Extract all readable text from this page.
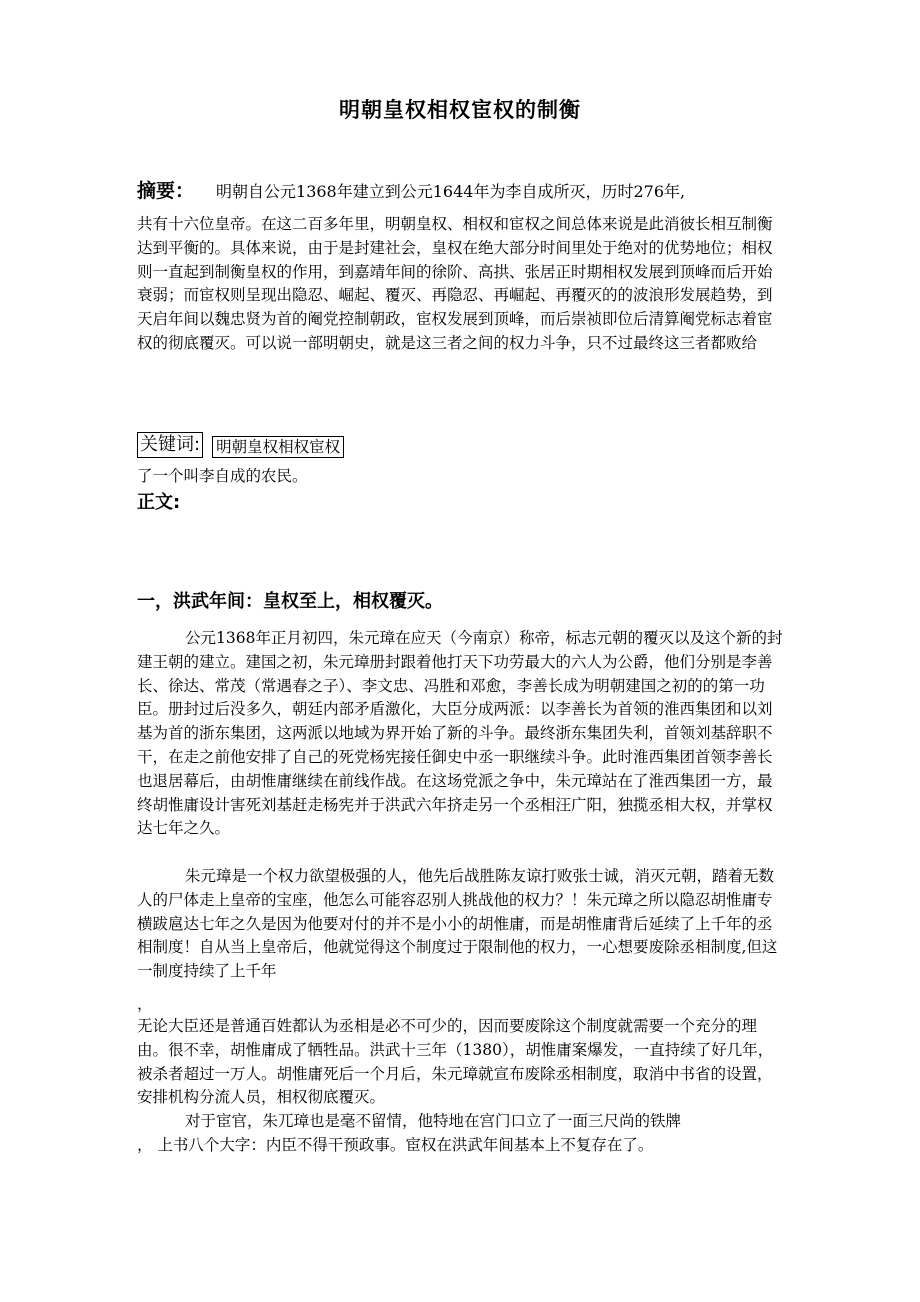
明朝皇权相权宦权的制衡
摘要： 明朝自公元1368年建立到公元1644年为李自成所灭，历时276年,

共有十六位皇帝。在这二百多年里，明朝皇权、相权和宦权之间总体来说是此消彼长相互制衡达到平衡的。具体来说，由于是封建社会，皇权在绝大部分时间里处于绝对的优势地位；相权则一直起到制衡皇权的作用，到嘉靖年间的徐阶、高拱、张居正时期相权发展到顶峰而后开始衰弱；而宦权则呈现出隐忍、崛起、覆灭、再隐忍、再崛起、再覆灭的的波浪形发展趋势，到天启年间以魏忠贤为首的阉党控制朝政，宦权发展到顶峰，而后崇祯即位后清算阉党标志着宦权的彻底覆灭。可以说一部明朝史，就是这三者之间的权力斗争，只不过最终这三者都败给

关键词: 明朝皇权相权宦权
了一个叫李自成的农民。
正文:
一，洪武年间：皇权至上，相权覆灭。

公元1368年正月初四，朱元璋在应天（今南京）称帝，标志元朝的覆灭以及这个新的封建王朝的建立。建国之初，朱元璋册封跟着他打天下功劳最大的六人为公爵，他们分别是李善长、徐达、常茂（常遇春之子）、李文忠、冯胜和邓愈，李善长成为明朝建国之初的的第一功臣。册封过后没多久，朝廷内部矛盾激化，大臣分成两派：以李善长为首领的淮西集团和以刘基为首的浙东集团，这两派以地域为界开始了新的斗争。最终浙东集团失利，首领刘基辞职不干，在走之前他安排了自己的死党杨宪接任御史中丞一职继续斗争。此时淮西集团首领李善长也退居幕后，由胡惟庸继续在前线作战。在这场党派之争中，朱元璋站在了淮西集团一方，最终胡惟庸设计害死刘基赶走杨宪并于洪武六年挤走另一个丞相汪广阳，独揽丞相大权，并掌权达七年之久。

朱元璋是一个权力欲望极强的人，他先后战胜陈友谅打败张士诚，消灭元朝，踏着无数人的尸体走上皇帝的宝座，他怎么可能容忍别人挑战他的权力？！朱元璋之所以隐忍胡惟庸专横跋扈达七年之久是因为他要对付的并不是小小的胡惟庸，而是胡惟庸背后延续了上千年的丞相制度！自从当上皇帝后，他就觉得这个制度过于限制他的权力，一心想要废除丞相制度,但这一制度持续了上千年

，

无论大臣还是普通百姓都认为丞相是必不可少的，因而要废除这个制度就需要一个充分的理由。很不幸，胡惟庸成了牺牲品。洪武十三年（1380），胡惟庸案爆发，一直持续了好几年，被杀者超过一万人。胡惟庸死后一个月后，朱元璋就宣布废除丞相制度，取消中书省的设置，安排机构分流人员，相权彻底覆灭。

对于宦官，朱兀璋也是毫不留情，他特地在宫门口立了一面三尺尚的铁牌

， 上书八个大字：内臣不得干预政事。宦权在洪武年间基本上不复存在了。
